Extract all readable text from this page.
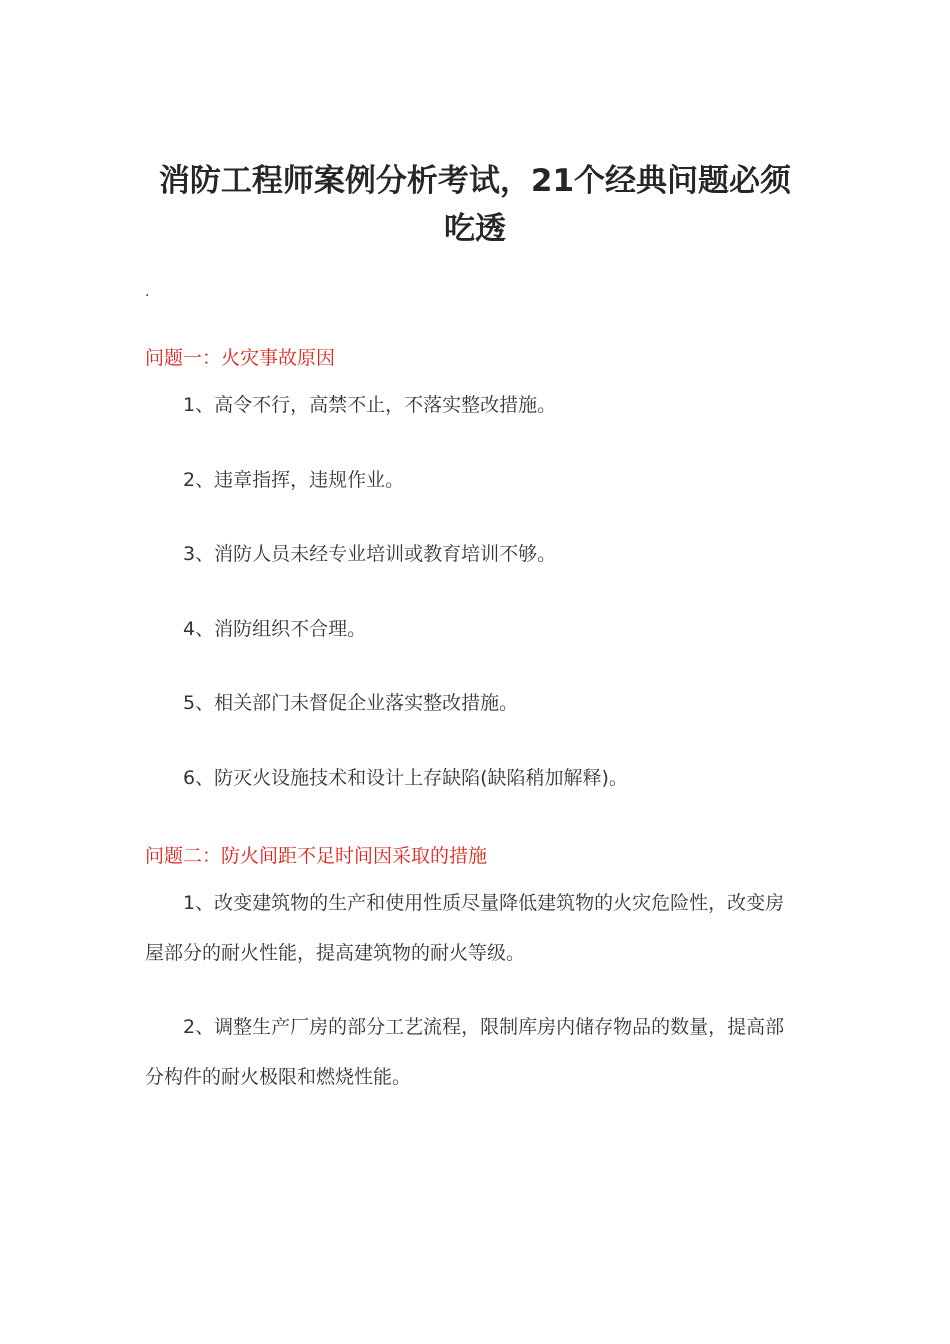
消防工程师案例分析考试，21个经典问题必须吃透
.

问题一：火灾事故原因

1、高令不行，高禁不止，不落实整改措施。

2、违章指挥，违规作业。

3、消防人员未经专业培训或教育培训不够。

4、消防组织不合理。

5、相关部门未督促企业落实整改措施。

6、防灭火设施技术和设计上存缺陷(缺陷稍加解释)。

问题二：防火间距不足时间因采取的措施

1、改变建筑物的生产和使用性质尽量降低建筑物的火灾危险性，改变房屋部分的耐火性能，提高建筑物的耐火等级。

2、调整生产厂房的部分工艺流程，限制库房内储存物品的数量，提高部分构件的耐火极限和燃烧性能。
